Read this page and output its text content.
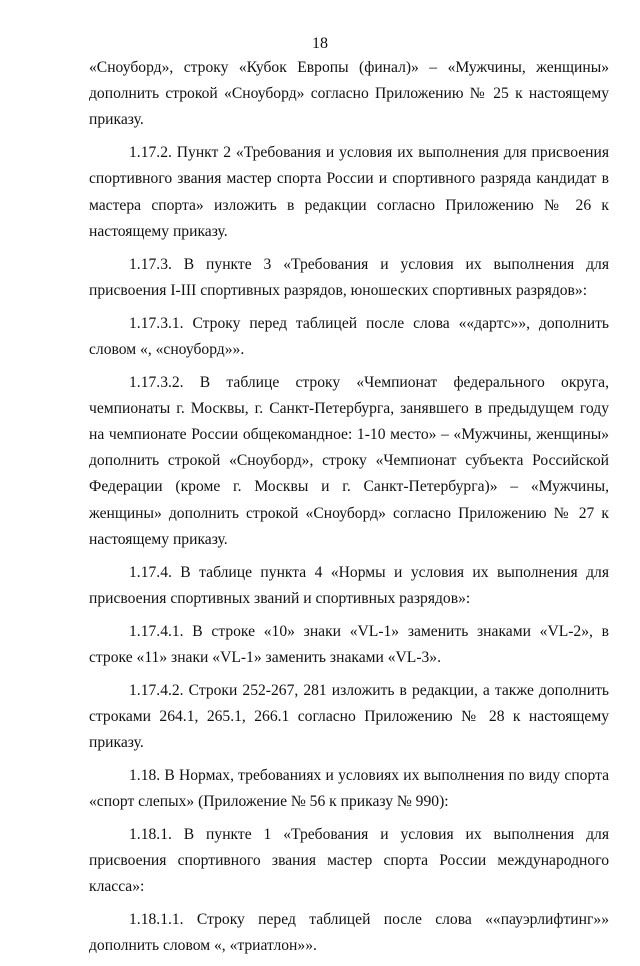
18

«Сноуборд», строку «Кубок Европы (финал)» – «Мужчины, женщины» дополнить строкой «Сноуборд» согласно Приложению № 25 к настоящему приказу.

1.17.2. Пункт 2 «Требования и условия их выполнения для присвоения спортивного звания мастер спорта России и спортивного разряда кандидат в мастера спорта» изложить в редакции согласно Приложению № 26 к настоящему приказу.

1.17.3. В пункте 3 «Требования и условия их выполнения для присвоения I-III спортивных разрядов, юношеских спортивных разрядов»:

1.17.3.1. Строку перед таблицей после слова ««дартс»», дополнить словом «, «сноуборд»».

1.17.3.2. В таблице строку «Чемпионат федерального округа, чемпионаты г. Москвы, г. Санкт-Петербурга, занявшего в предыдущем году на чемпионате России общекомандное: 1-10 место» – «Мужчины, женщины» дополнить строкой «Сноуборд», строку «Чемпионат субъекта Российской Федерации (кроме г. Москвы и г. Санкт-Петербурга)» – «Мужчины, женщины» дополнить строкой «Сноуборд» согласно Приложению № 27 к настоящему приказу.

1.17.4. В таблице пункта 4 «Нормы и условия их выполнения для присвоения спортивных званий и спортивных разрядов»:

1.17.4.1. В строке «10» знаки «VL-1» заменить знаками «VL-2», в строке «11» знаки «VL-1» заменить знаками «VL-3».

1.17.4.2. Строки 252-267, 281 изложить в редакции, а также дополнить строками 264.1, 265.1, 266.1 согласно Приложению № 28 к настоящему приказу.

1.18. В Нормах, требованиях и условиях их выполнения по виду спорта «спорт слепых» (Приложение № 56 к приказу № 990):

1.18.1. В пункте 1 «Требования и условия их выполнения для присвоения спортивного звания мастер спорта России международного класса»:

1.18.1.1. Строку перед таблицей после слова ««пауэрлифтинг»» дополнить словом «, «триатлон»».
